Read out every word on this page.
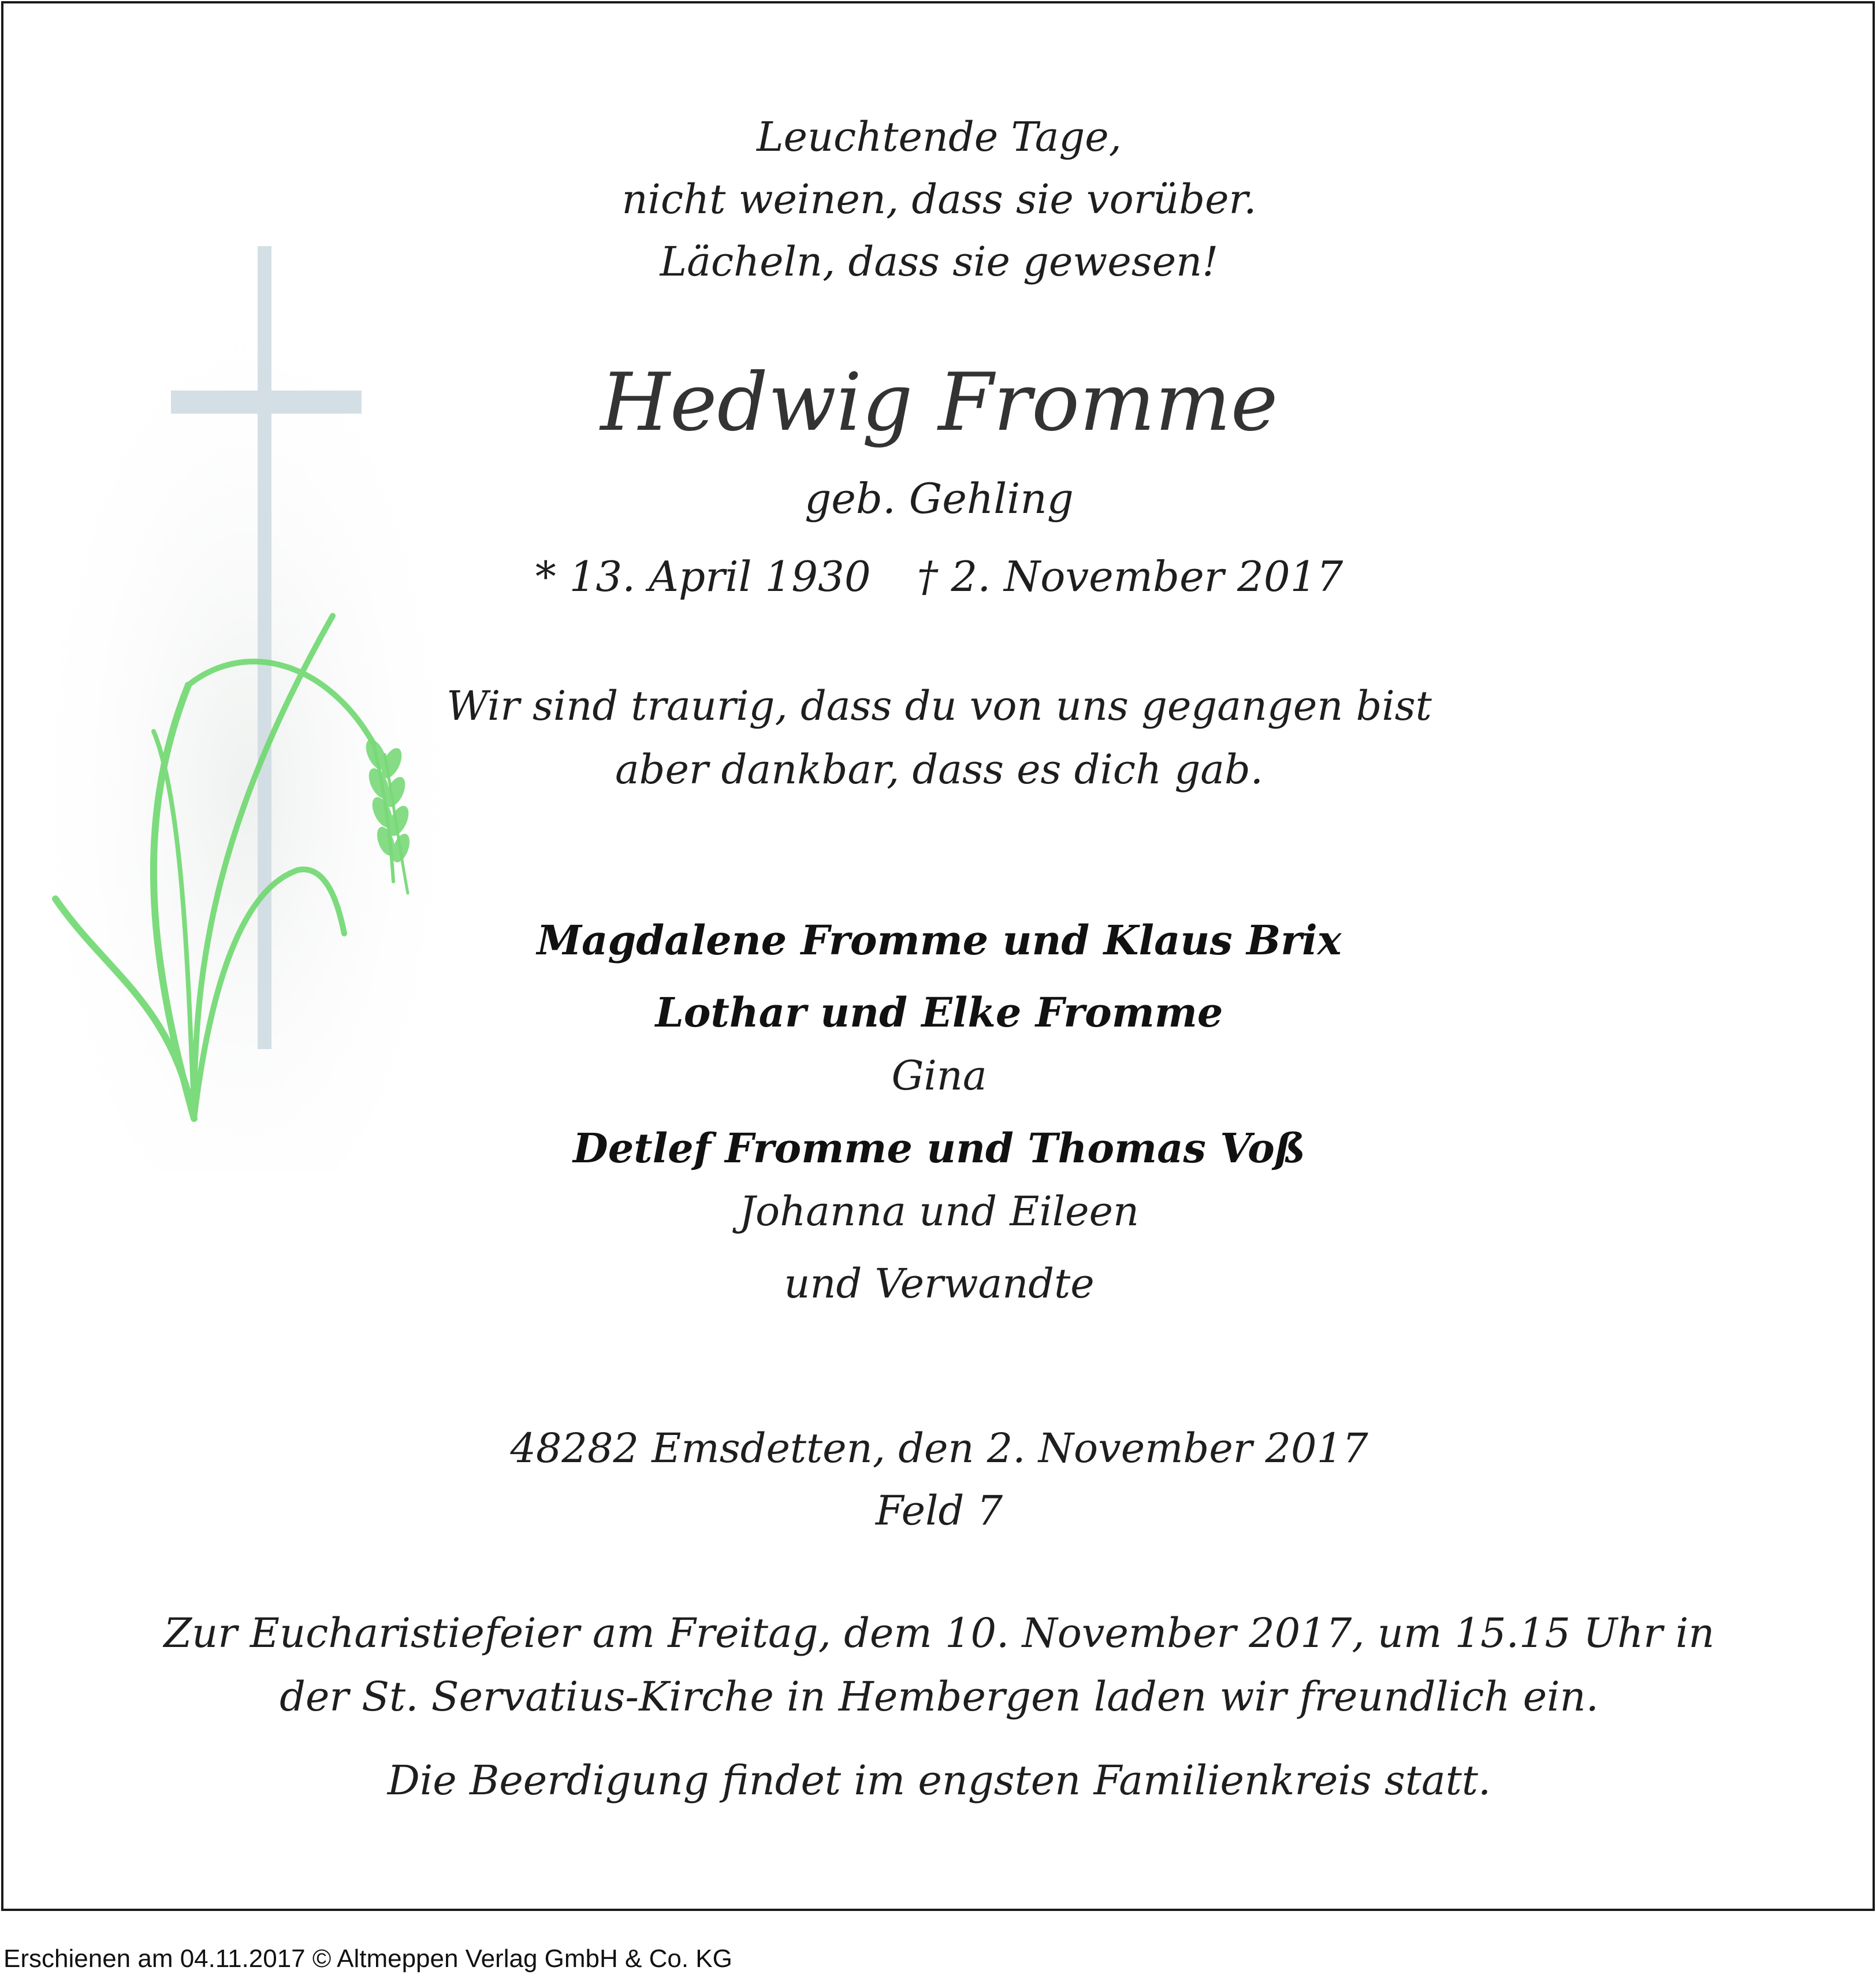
Leuchtende Tage,
nicht weinen, dass sie vorüber.
Lächeln, dass sie gewesen!
Hedwig Fromme
geb. Gehling
* 13. April 1930 † 2. November 2017
Wir sind traurig, dass du von uns gegangen bist
aber dankbar, dass es dich gab.
Magdalene Fromme und Klaus Brix
Lothar und Elke Fromme
Gina
Detlef Fromme und Thomas Voß
Johanna und Eileen
und Verwandte
48282 Emsdetten, den 2. November 2017
Feld 7
Zur Eucharistiefeier am Freitag, dem 10. November 2017, um 15.15 Uhr in
der St. Servatius-Kirche in Hembergen laden wir freundlich ein.
Die Beerdigung findet im engsten Familienkreis statt.
Erschienen am 04.11.2017 © Altmeppen Verlag GmbH & Co. KG
